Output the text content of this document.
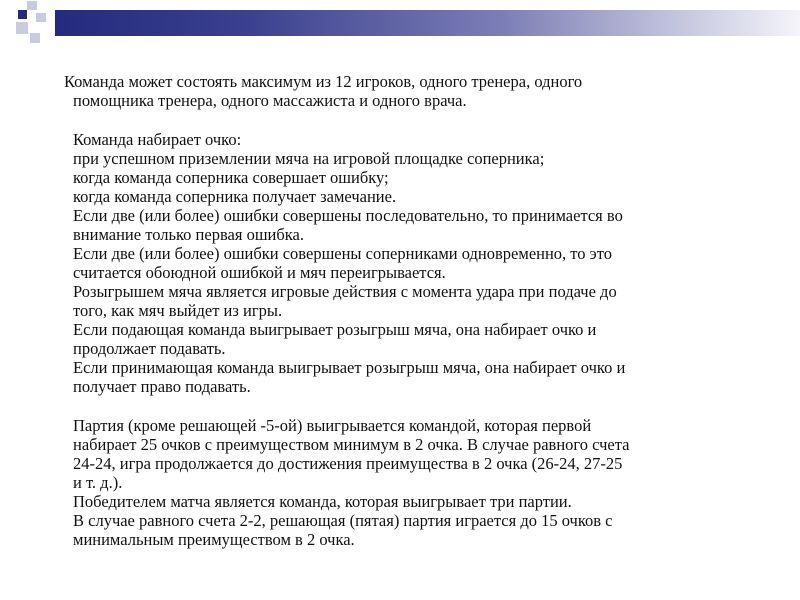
Команда может состоять максимум из 12 игроков, одного тренера, одного
помощника тренера, одного массажиста и одного врача.
Команда набирает очко:
при успешном приземлении мяча на игровой площадке соперника;
когда команда соперника совершает ошибку;
когда команда соперника получает замечание.
Если две (или более) ошибки совершены последовательно, то принимается во
внимание только первая ошибка.
Если две (или более) ошибки совершены соперниками одновременно, то это
считается обоюдной ошибкой и мяч переигрывается.
Розыгрышем мяча является игровые действия с момента удара при подаче до
того, как мяч выйдет из игры.
Если подающая команда выигрывает розыгрыш мяча, она набирает очко и
продолжает подавать.
Если принимающая команда выигрывает розыгрыш мяча, она набирает очко и
получает право подавать.
Партия (кроме решающей -5-ой) выигрывается командой, которая первой
набирает 25 очков с преимуществом минимум в 2 очка. В случае равного счета
24-24, игра продолжается до достижения преимущества в 2 очка (26-24, 27-25
и т. д.).
Победителем матча является команда, которая выигрывает три партии.
В случае равного счета 2-2, решающая (пятая) партия играется до 15 очков с
минимальным преимуществом в 2 очка.
